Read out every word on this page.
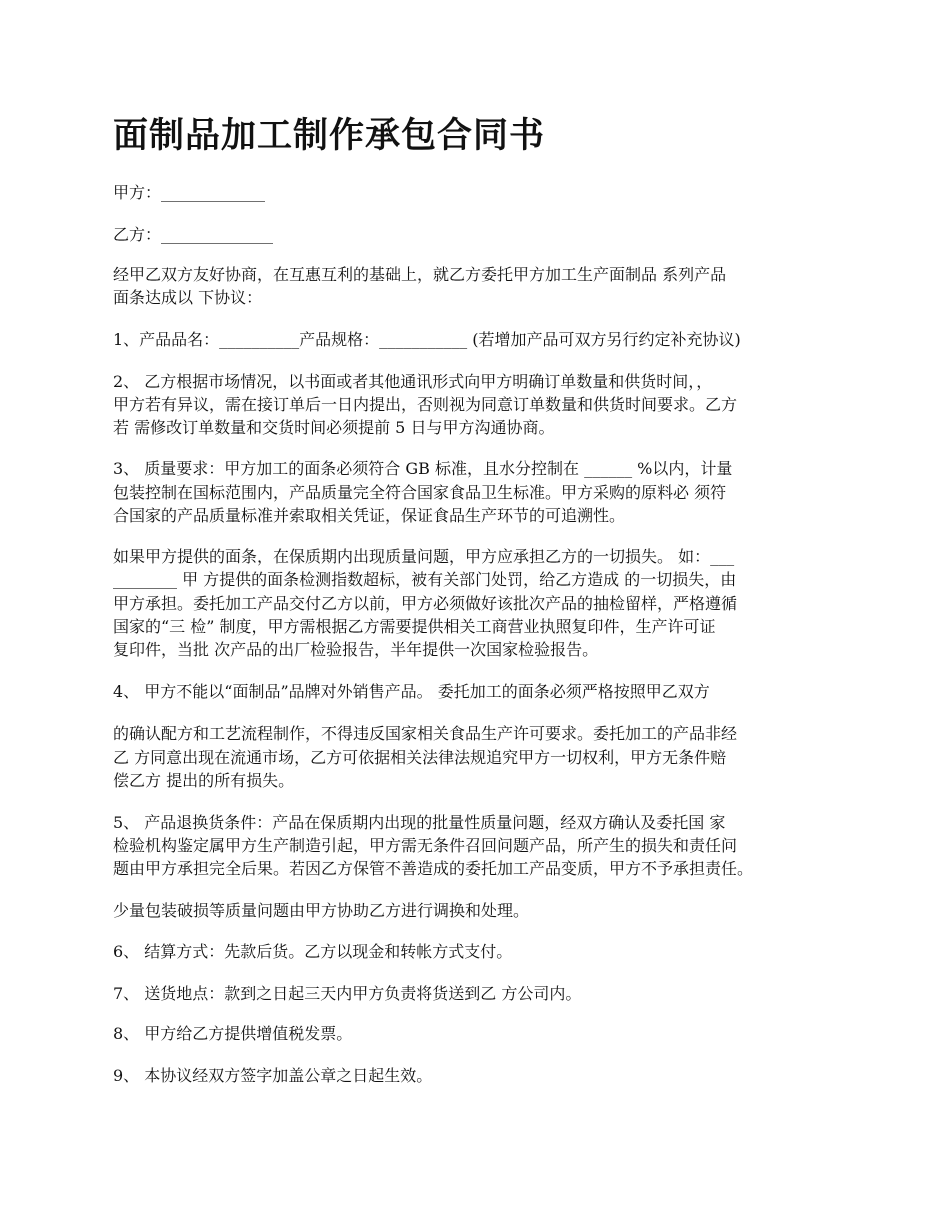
面制品加工制作承包合同书

甲方：_____________

乙方：______________

经甲乙双方友好协商，在互惠互利的基础上，就乙方委托甲方加工生产面制品 系列产品

面条达成以 下协议：

1、产品品名：__________产品规格：___________ (若增加产品可双方另行约定补充协议)

2、 乙方根据市场情况，以书面或者其他通讯形式向甲方明确订单数量和供货时间，，

甲方若有异议，需在接订单后一日内提出，否则视为同意订单数量和供货时间要求。乙方

若 需修改订单数量和交货时间必须提前 5 日与甲方沟通协商。

3、 质量要求：甲方加工的面条必须符合 GB 标准，且水分控制在 ______ %以内，计量

包装控制在国标范围内，产品质量完全符合国家食品卫生标准。甲方采购的原料必 须符

合国家的产品质量标准并索取相关凭证，保证食品生产环节的可追溯性。

如果甲方提供的面条，在保质期内出现质量问题，甲方应承担乙方的一切损失。 如：___

________ 甲 方提供的面条检测指数超标，被有关部门处罚，给乙方造成 的一切损失，由

甲方承担。委托加工产品交付乙方以前，甲方必须做好该批次产品的抽检留样，严格遵循

国家的“三 检” 制度，甲方需根据乙方需要提供相关工商营业执照复印件，生产许可证

复印件，当批 次产品的出厂检验报告，半年提供一次国家检验报告。

4、 甲方不能以“面制品”品牌对外销售产品。 委托加工的面条必须严格按照甲乙双方

的确认配方和工艺流程制作，不得违反国家相关食品生产许可要求。委托加工的产品非经

乙 方同意出现在流通市场，乙方可依据相关法律法规追究甲方一切权利，甲方无条件赔

偿乙方 提出的所有损失。

5、 产品退换货条件：产品在保质期内出现的批量性质量问题，经双方确认及委托国 家

检验机构鉴定属甲方生产制造引起，甲方需无条件召回问题产品，所产生的损失和责任问

题由甲方承担完全后果。若因乙方保管不善造成的委托加工产品变质，甲方不予承担责任。

少量包装破损等质量问题由甲方协助乙方进行调换和处理。

6、 结算方式：先款后货。乙方以现金和转帐方式支付。

7、 送货地点：款到之日起三天内甲方负责将货送到乙 方公司内。

8、 甲方给乙方提供增值税发票。

9、 本协议经双方签字加盖公章之日起生效。
